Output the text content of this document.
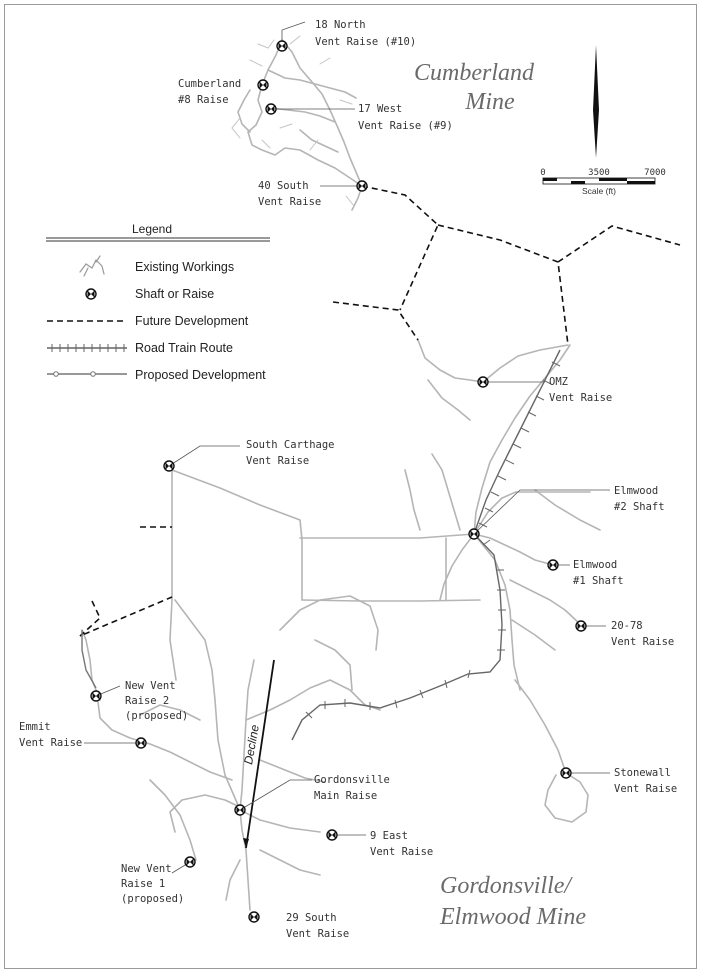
Decline
Cumberland
Mine
Gordonsville/
Elmwood Mine
N
0	3500	7000
Scale (ft)
Legend
Existing Workings
Shaft or Raise
Future Development
Road Train Route
Proposed Development
18 North Vent Raise (#10)
Cumberland #8 Raise
17 West Vent Raise (#9)
40 South Vent Raise
OMZ Vent Raise
South Carthage Vent Raise
Elmwood #2 Shaft
Elmwood #1 Shaft
20-78 Vent Raise
New Vent Raise 2 (proposed)
Emmit Vent Raise
Gordonsville Main Raise
Stonewall Vent Raise
9 East Vent Raise
New Vent Raise 1 (proposed)
29 South Vent Raise
